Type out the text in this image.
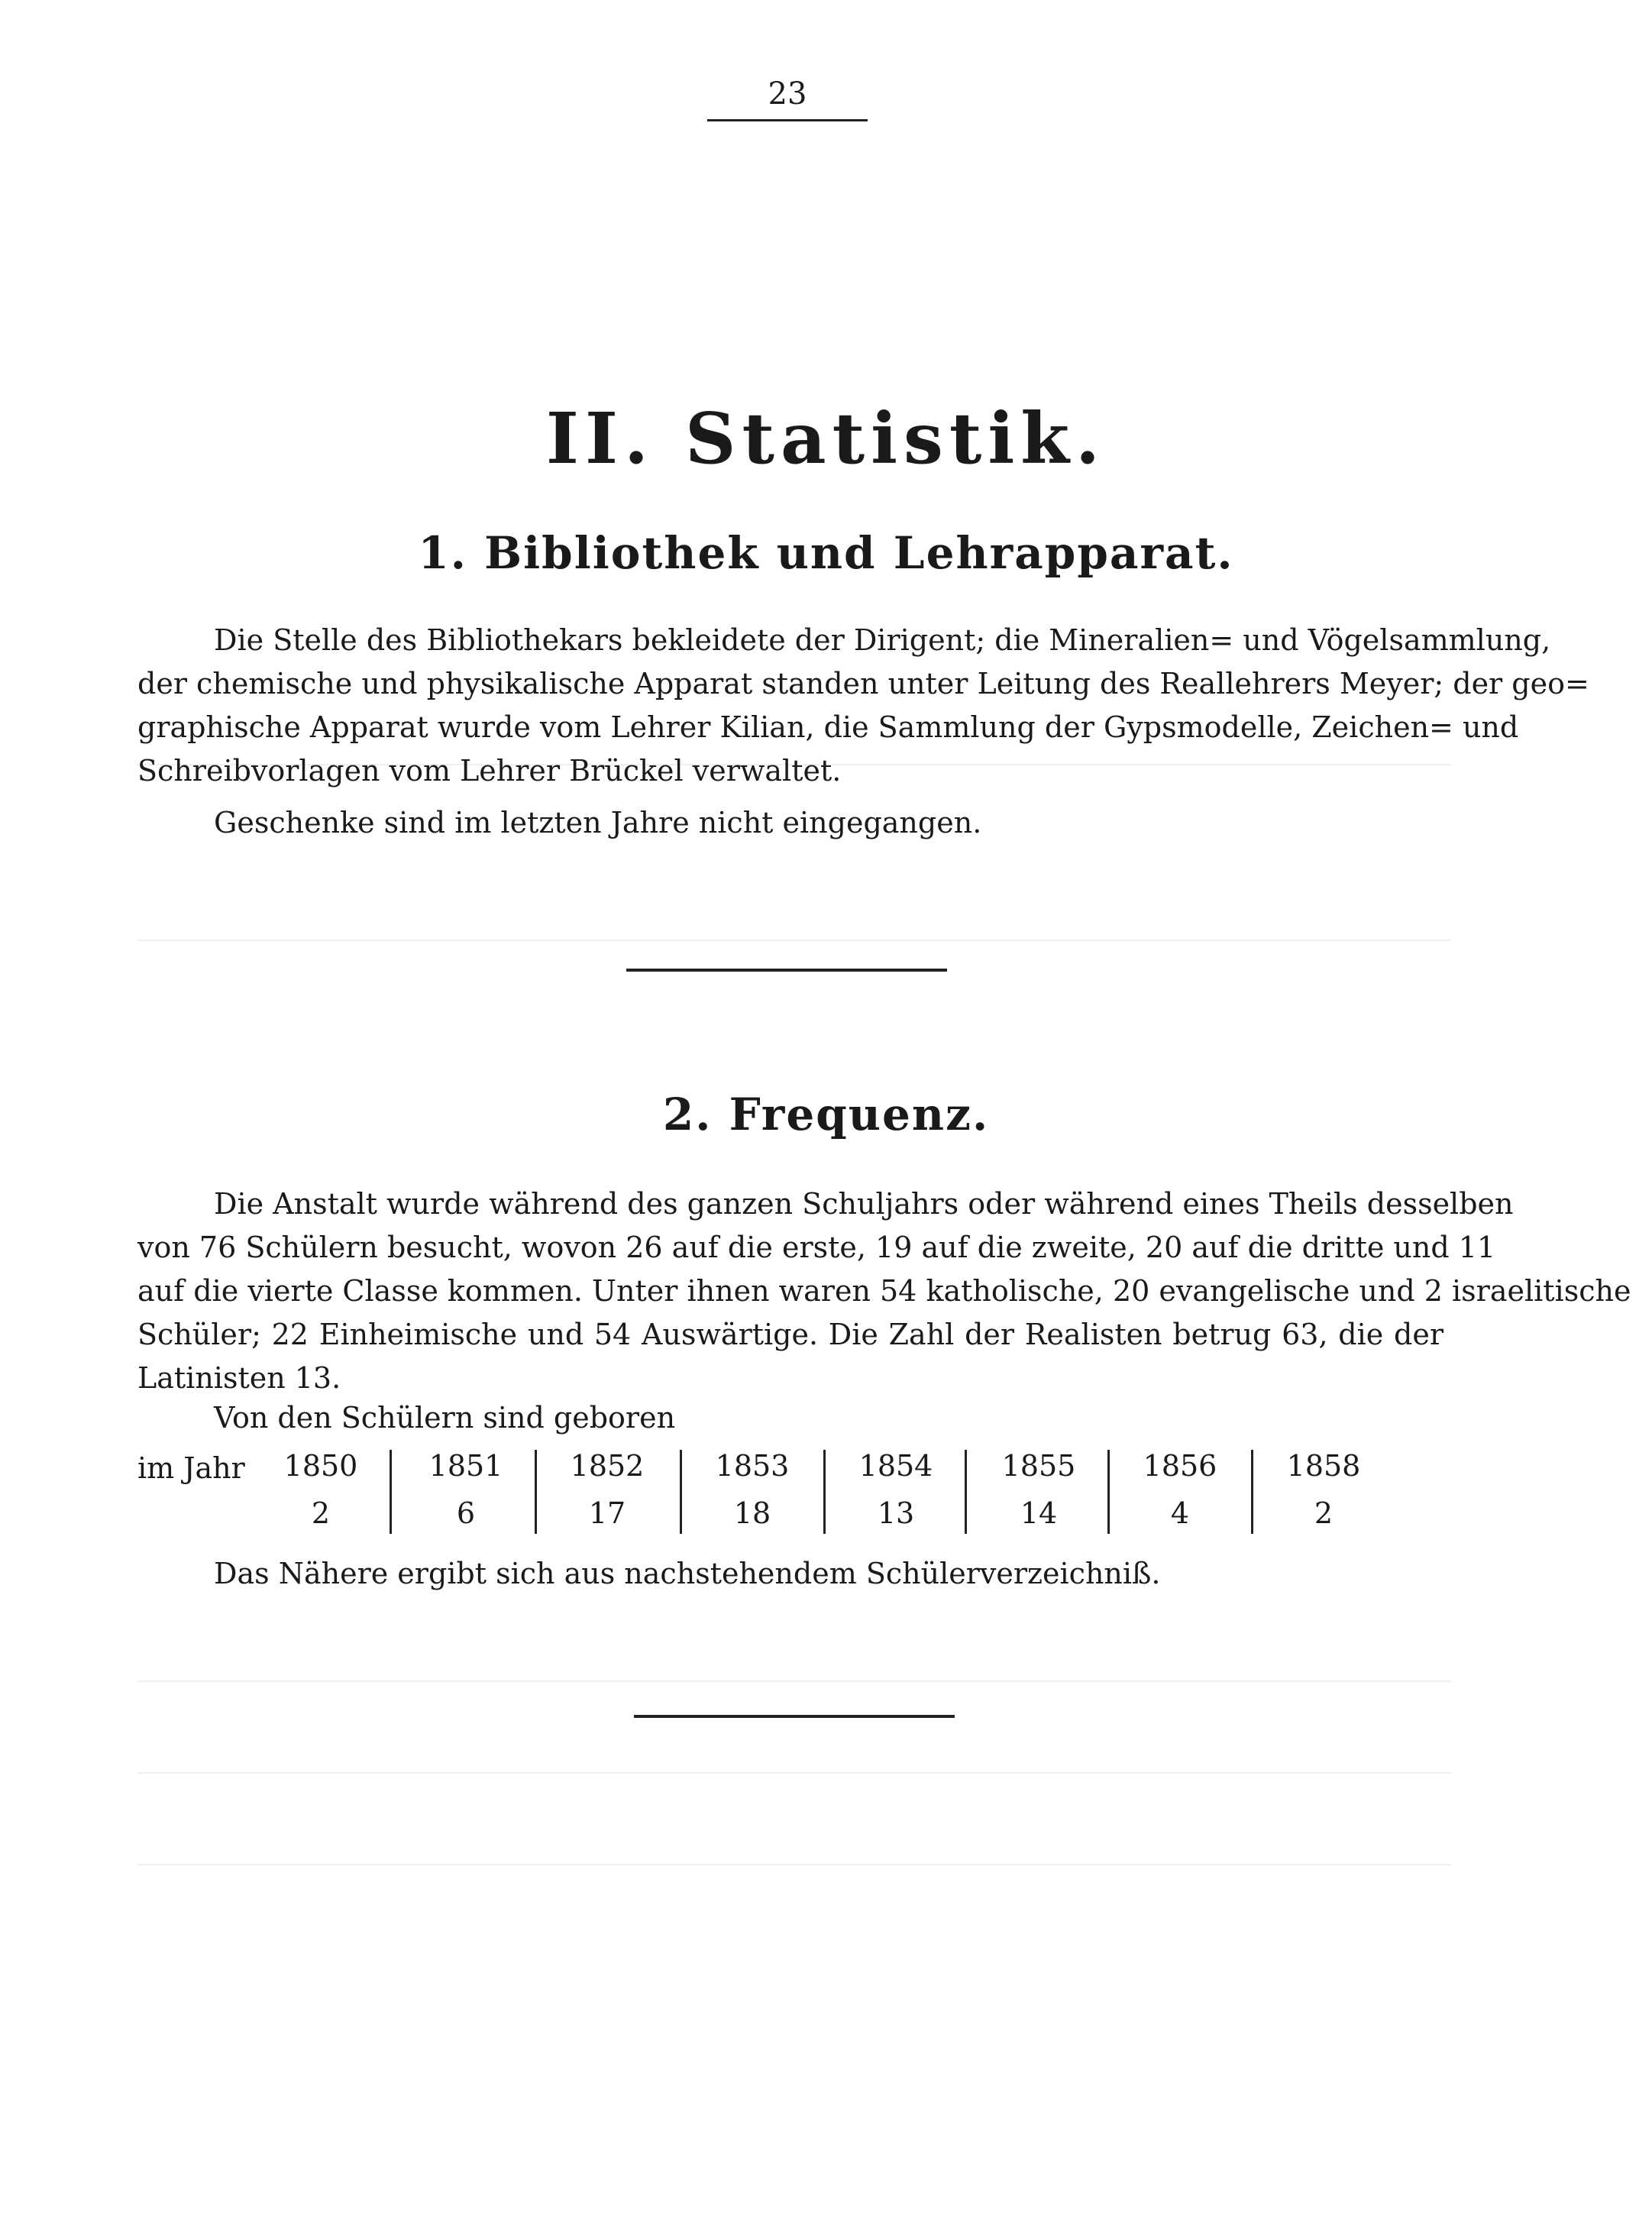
23
II. Statistik.
1. Bibliothek und Lehrapparat.
Die Stelle des Bibliothekars bekleidete der Dirigent; die Mineralien= und Vögelsammlung,
der chemische und physikalische Apparat standen unter Leitung des Reallehrers Meyer; der geo=
graphische Apparat wurde vom Lehrer Kilian, die Sammlung der Gypsmodelle, Zeichen= und
Schreibvorlagen vom Lehrer Brückel verwaltet.
Geschenke sind im letzten Jahre nicht eingegangen.
2. Frequenz.
Die Anstalt wurde während des ganzen Schuljahrs oder während eines Theils desselben
von 76 Schülern besucht, wovon 26 auf die erste, 19 auf die zweite, 20 auf die dritte und 11
auf die vierte Classe kommen. Unter ihnen waren 54 katholische, 20 evangelische und 2 israelitische
Schüler; 22 Einheimische und 54 Auswärtige. Die Zahl der Realisten betrug 63, die der
Latinisten 13.
Von den Schülern sind geboren
im Jahr	1850
2
1851
6
1852
17
1853
18
1854
13
1855
14
1856
4
1858
2
Das Nähere ergibt sich aus nachstehendem Schülerverzeichniß.
